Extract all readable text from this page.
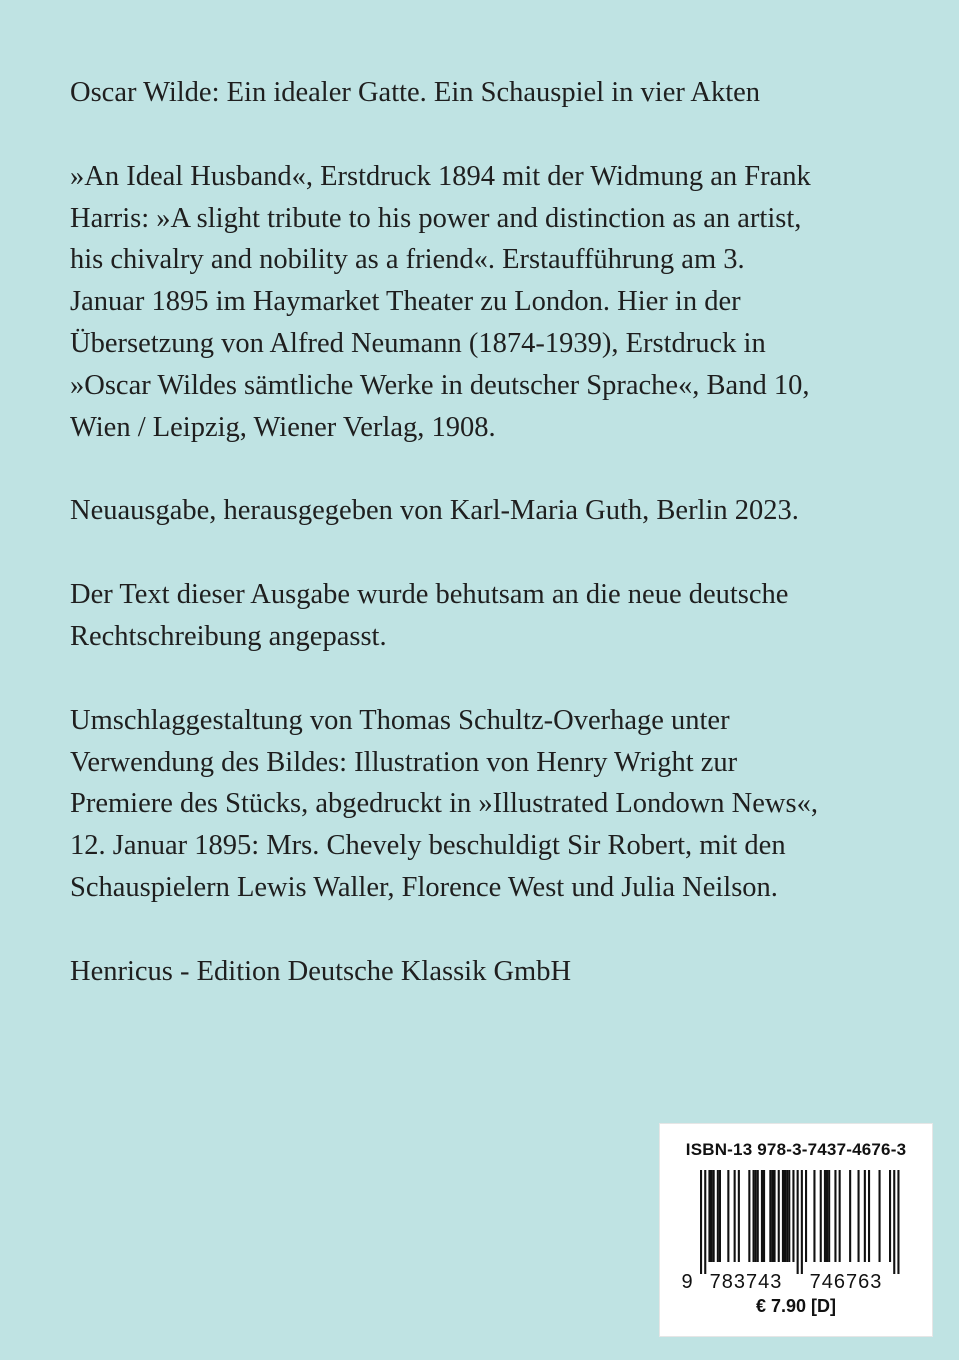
Oscar Wilde: Ein idealer Gatte. Ein Schauspiel in vier Akten

»An Ideal Husband«, Erstdruck 1894 mit der Widmung an Frank
Harris: »A slight tribute to his power and distinction as an artist,
his chivalry and nobility as a friend«. Erstaufführung am 3.
Januar 1895 im Haymarket Theater zu London. Hier in der
Übersetzung von Alfred Neumann (1874-1939), Erstdruck in
»Oscar Wildes sämtliche Werke in deutscher Sprache«, Band 10,
Wien / Leipzig, Wiener Verlag, 1908.

Neuausgabe, herausgegeben von Karl-Maria Guth, Berlin 2023.

Der Text dieser Ausgabe wurde behutsam an die neue deutsche
Rechtschreibung angepasst.

Umschlaggestaltung von Thomas Schultz-Overhage unter
Verwendung des Bildes: Illustration von Henry Wright zur
Premiere des Stücks, abgedruckt in »Illustrated Londown News«,
12. Januar 1895: Mrs. Chevely beschuldigt Sir Robert, mit den
Schauspielern Lewis Waller, Florence West und Julia Neilson.

Henricus - Edition Deutsche Klassik GmbH

ISBN-13 978-3-7437-4676-3
9 783743 746763
€ 7.90 [D]
